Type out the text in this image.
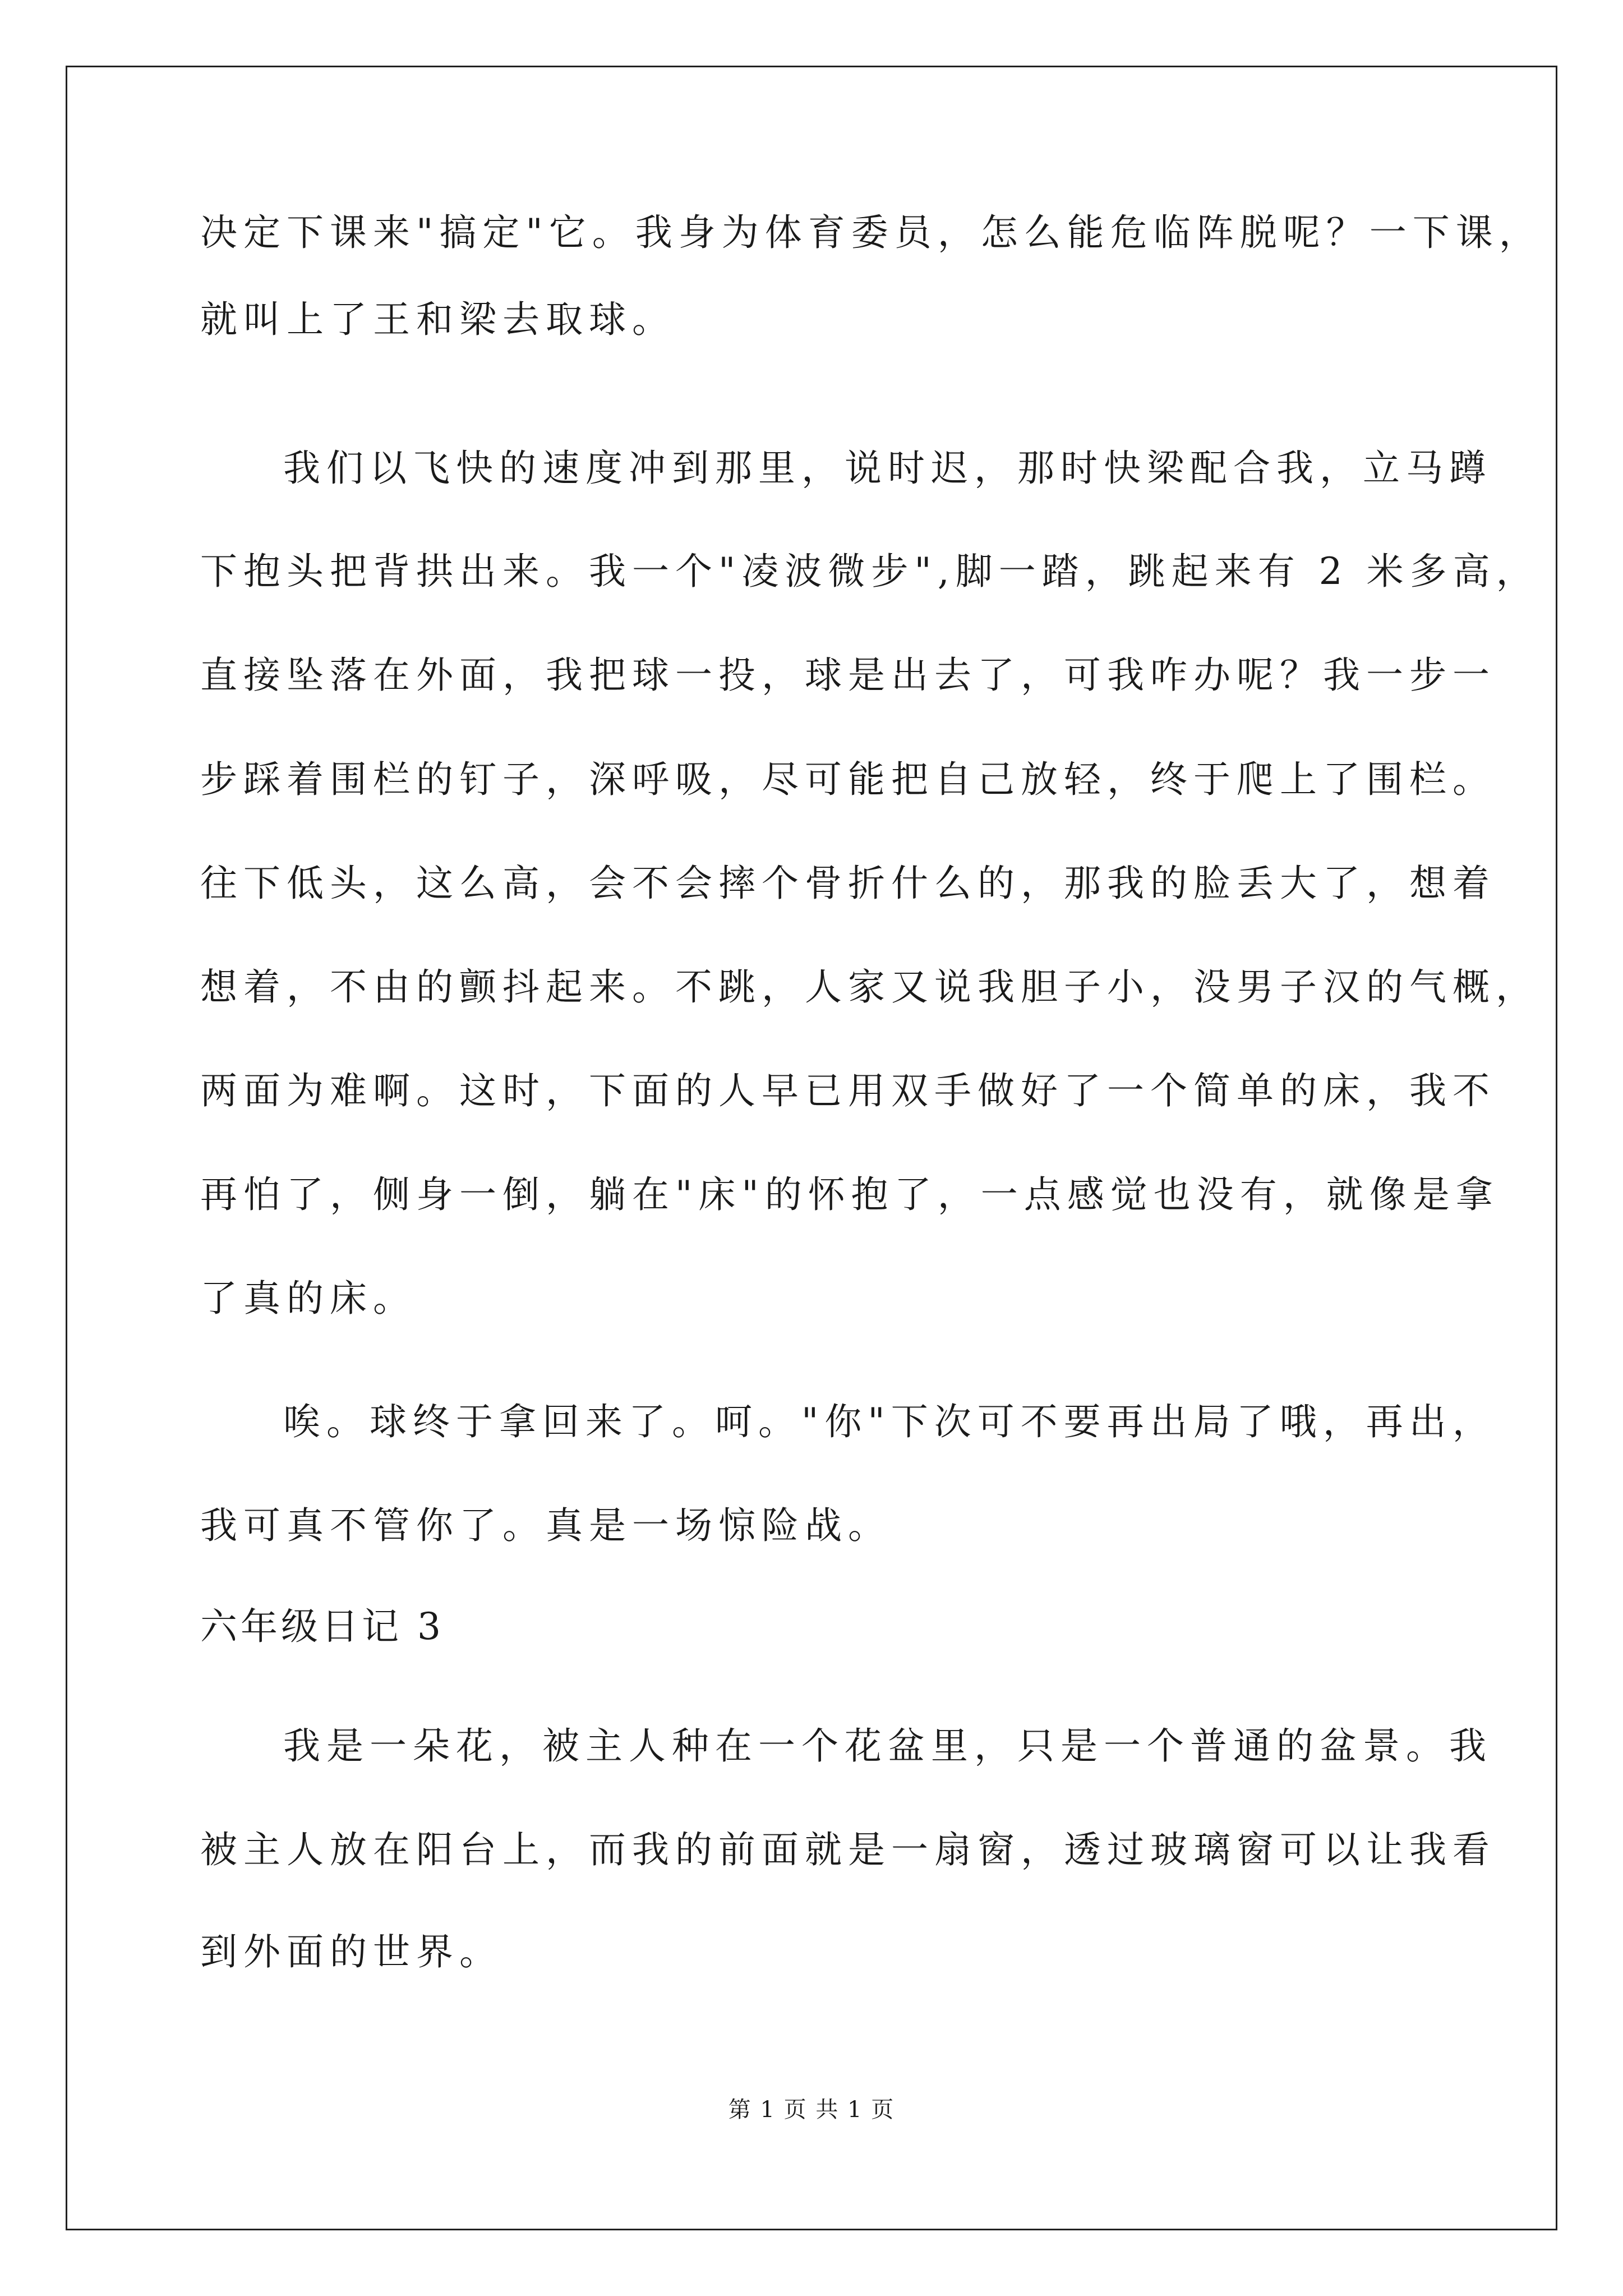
决定下课来"搞定"它。我身为体育委员，怎么能危临阵脱呢？一下课，
就叫上了王和梁去取球。
我们以飞快的速度冲到那里，说时迟，那时快梁配合我，立马蹲
下抱头把背拱出来。我一个"凌波微步",脚一踏，跳起来有 2 米多高，
直接坠落在外面，我把球一投，球是出去了，可我咋办呢？我一步一
步踩着围栏的钉子，深呼吸，尽可能把自己放轻，终于爬上了围栏。
往下低头，这么高，会不会摔个骨折什么的，那我的脸丢大了，想着
想着，不由的颤抖起来。不跳，人家又说我胆子小，没男子汉的气概，
两面为难啊。这时，下面的人早已用双手做好了一个简单的床，我不
再怕了，侧身一倒，躺在"床"的怀抱了，一点感觉也没有，就像是拿
了真的床。
唉。球终于拿回来了。呵。"你"下次可不要再出局了哦，再出，
我可真不管你了。真是一场惊险战。
六年级日记 3
我是一朵花，被主人种在一个花盆里，只是一个普通的盆景。我
被主人放在阳台上，而我的前面就是一扇窗，透过玻璃窗可以让我看
到外面的世界。
第 1 页 共 1 页
